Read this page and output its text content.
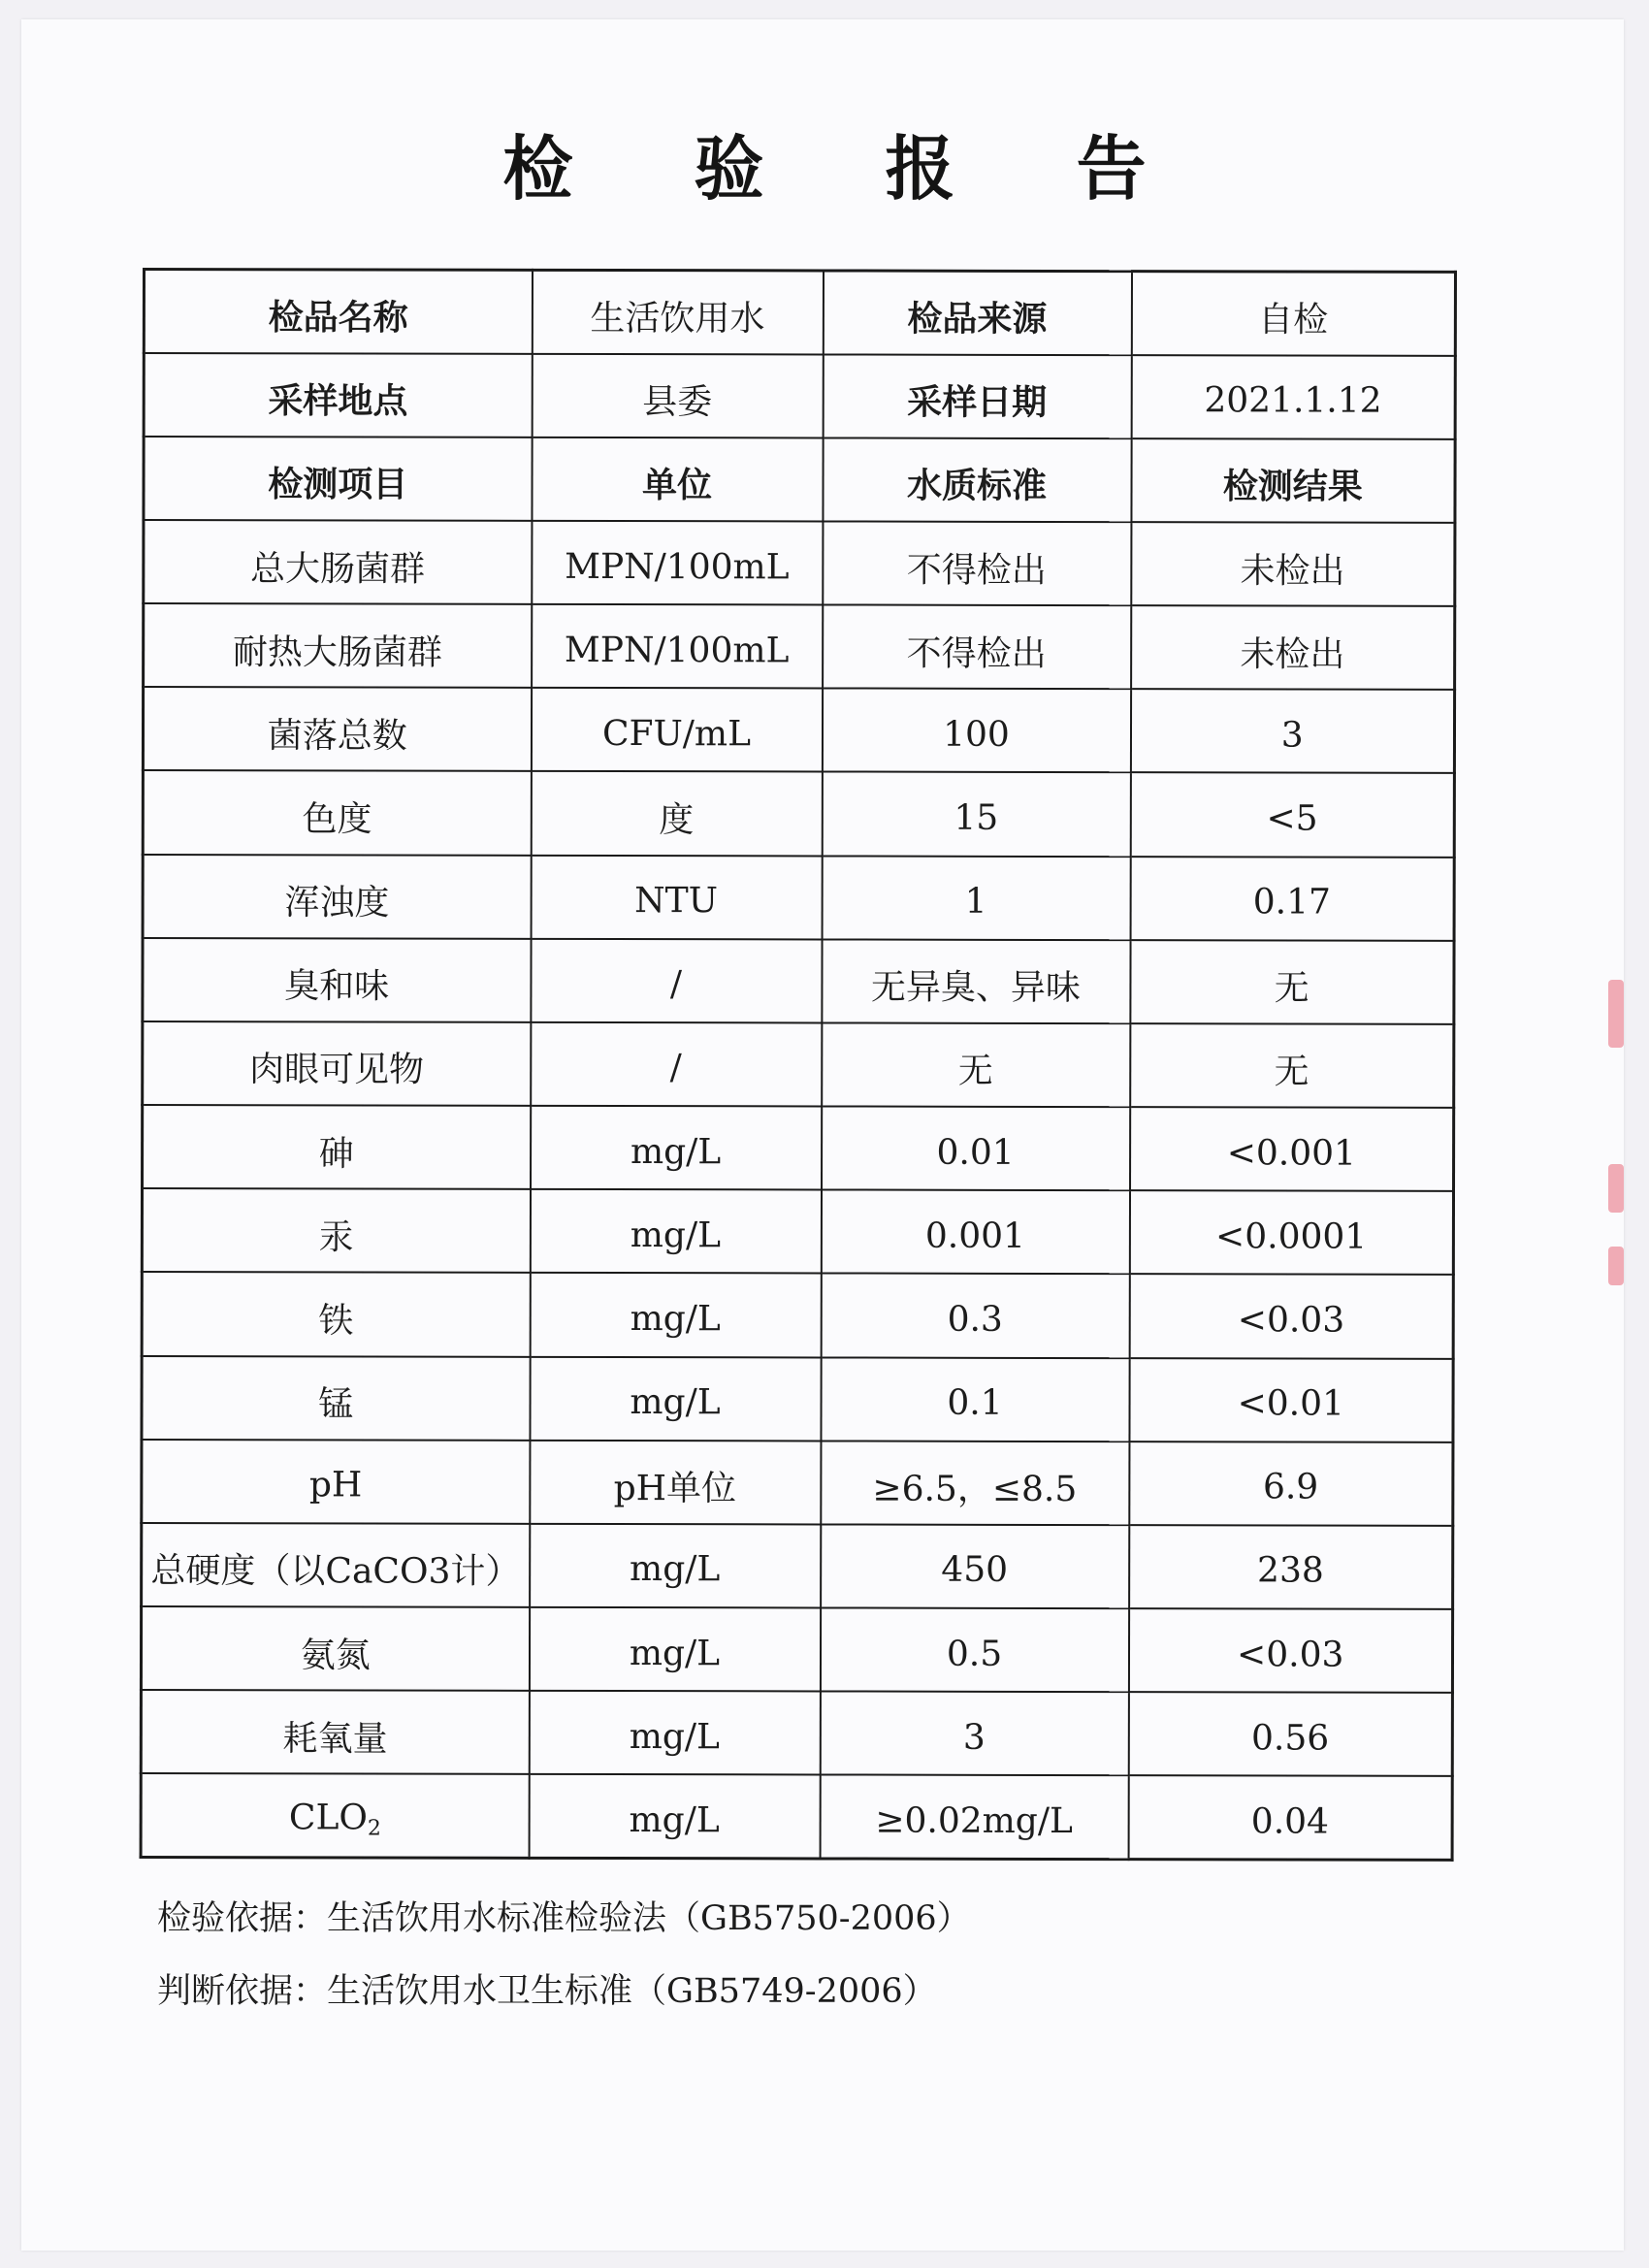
检 验 报 告
检品名称	生活饮用水	检品来源	自检
采样地点	县委	采样日期	2021.1.12
检测项目	单位	水质标准	检测结果
总大肠菌群	MPN/100mL	不得检出	未检出
耐热大肠菌群	MPN/100mL	不得检出	未检出
菌落总数	CFU/mL	100	3
色度	度	15	<5
浑浊度	NTU	1	0.17
臭和味	/	无异臭、异味	无
肉眼可见物	/	无	无
砷	mg/L	0.01	<0.001
汞	mg/L	0.001	<0.0001
铁	mg/L	0.3	<0.03
锰	mg/L	0.1	<0.01
pH	pH单位	≥6.5，≤8.5	6.9
总硬度（以CaCO3计）	mg/L	450	238
氨氮	mg/L	0.5	<0.03
耗氧量	mg/L	3	0.56
$CLO_2$	mg/L	≥0.02mg/L	0.04
检验依据：生活饮用水标准检验法（GB5750-2006）
判断依据：生活饮用水卫生标准（GB5749-2006）
